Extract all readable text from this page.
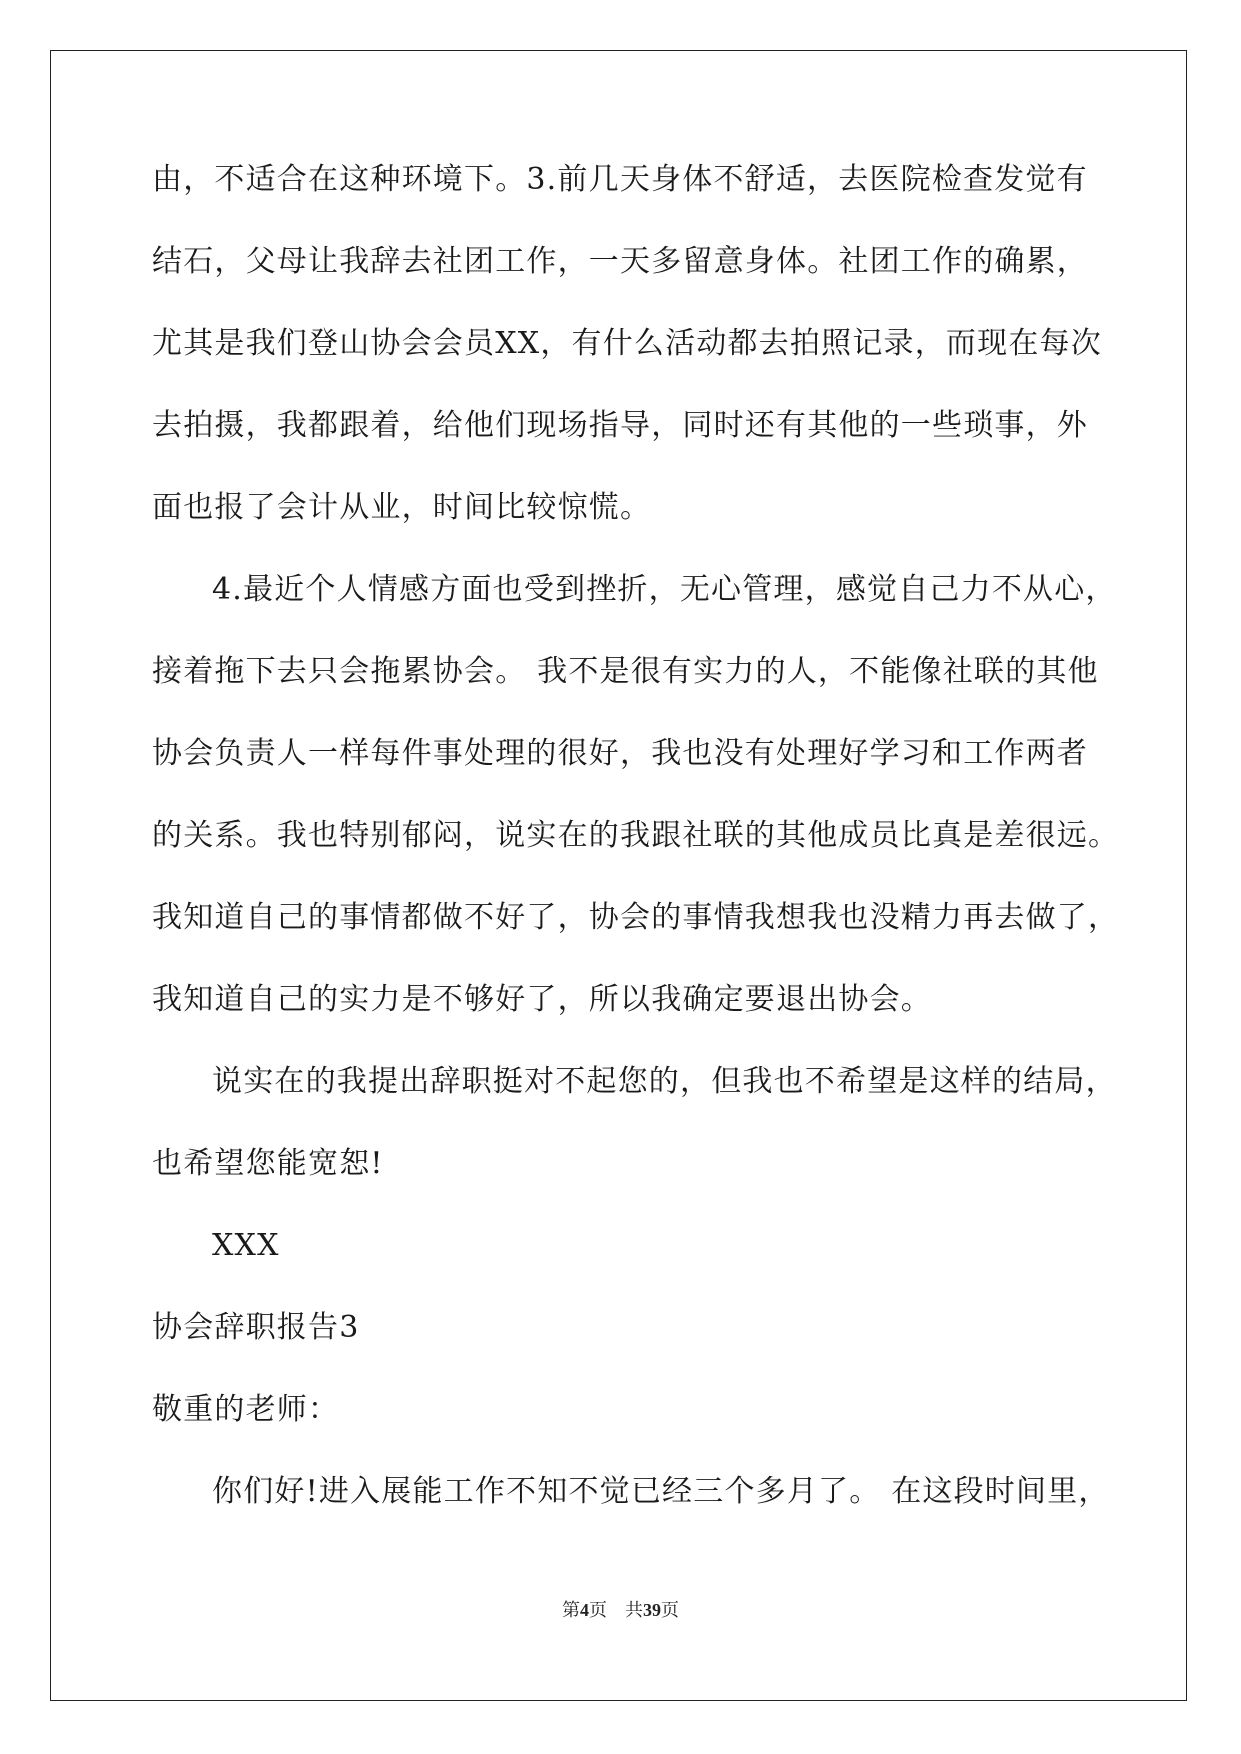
由，不适合在这种环境下。3.前几天身体不舒适，去医院检查发觉有
结石，父母让我辞去社团工作，一天多留意身体。社团工作的确累，
尤其是我们登山协会会员XX，有什么活动都去拍照记录，而现在每次
去拍摄，我都跟着，给他们现场指导，同时还有其他的一些琐事，外
面也报了会计从业，时间比较惊慌。
4.最近个人情感方面也受到挫折，无心管理，感觉自己力不从心，
接着拖下去只会拖累协会。 我不是很有实力的人，不能像社联的其他
协会负责人一样每件事处理的很好，我也没有处理好学习和工作两者
的关系。我也特别郁闷，说实在的我跟社联的其他成员比真是差很远。
我知道自己的事情都做不好了，协会的事情我想我也没精力再去做了，
我知道自己的实力是不够好了，所以我确定要退出协会。
说实在的我提出辞职挺对不起您的，但我也不希望是这样的结局，
也希望您能宽恕!
XXX
协会辞职报告3
敬重的老师：
你们好!进入展能工作不知不觉已经三个多月了。 在这段时间里，
第4页 共39页
